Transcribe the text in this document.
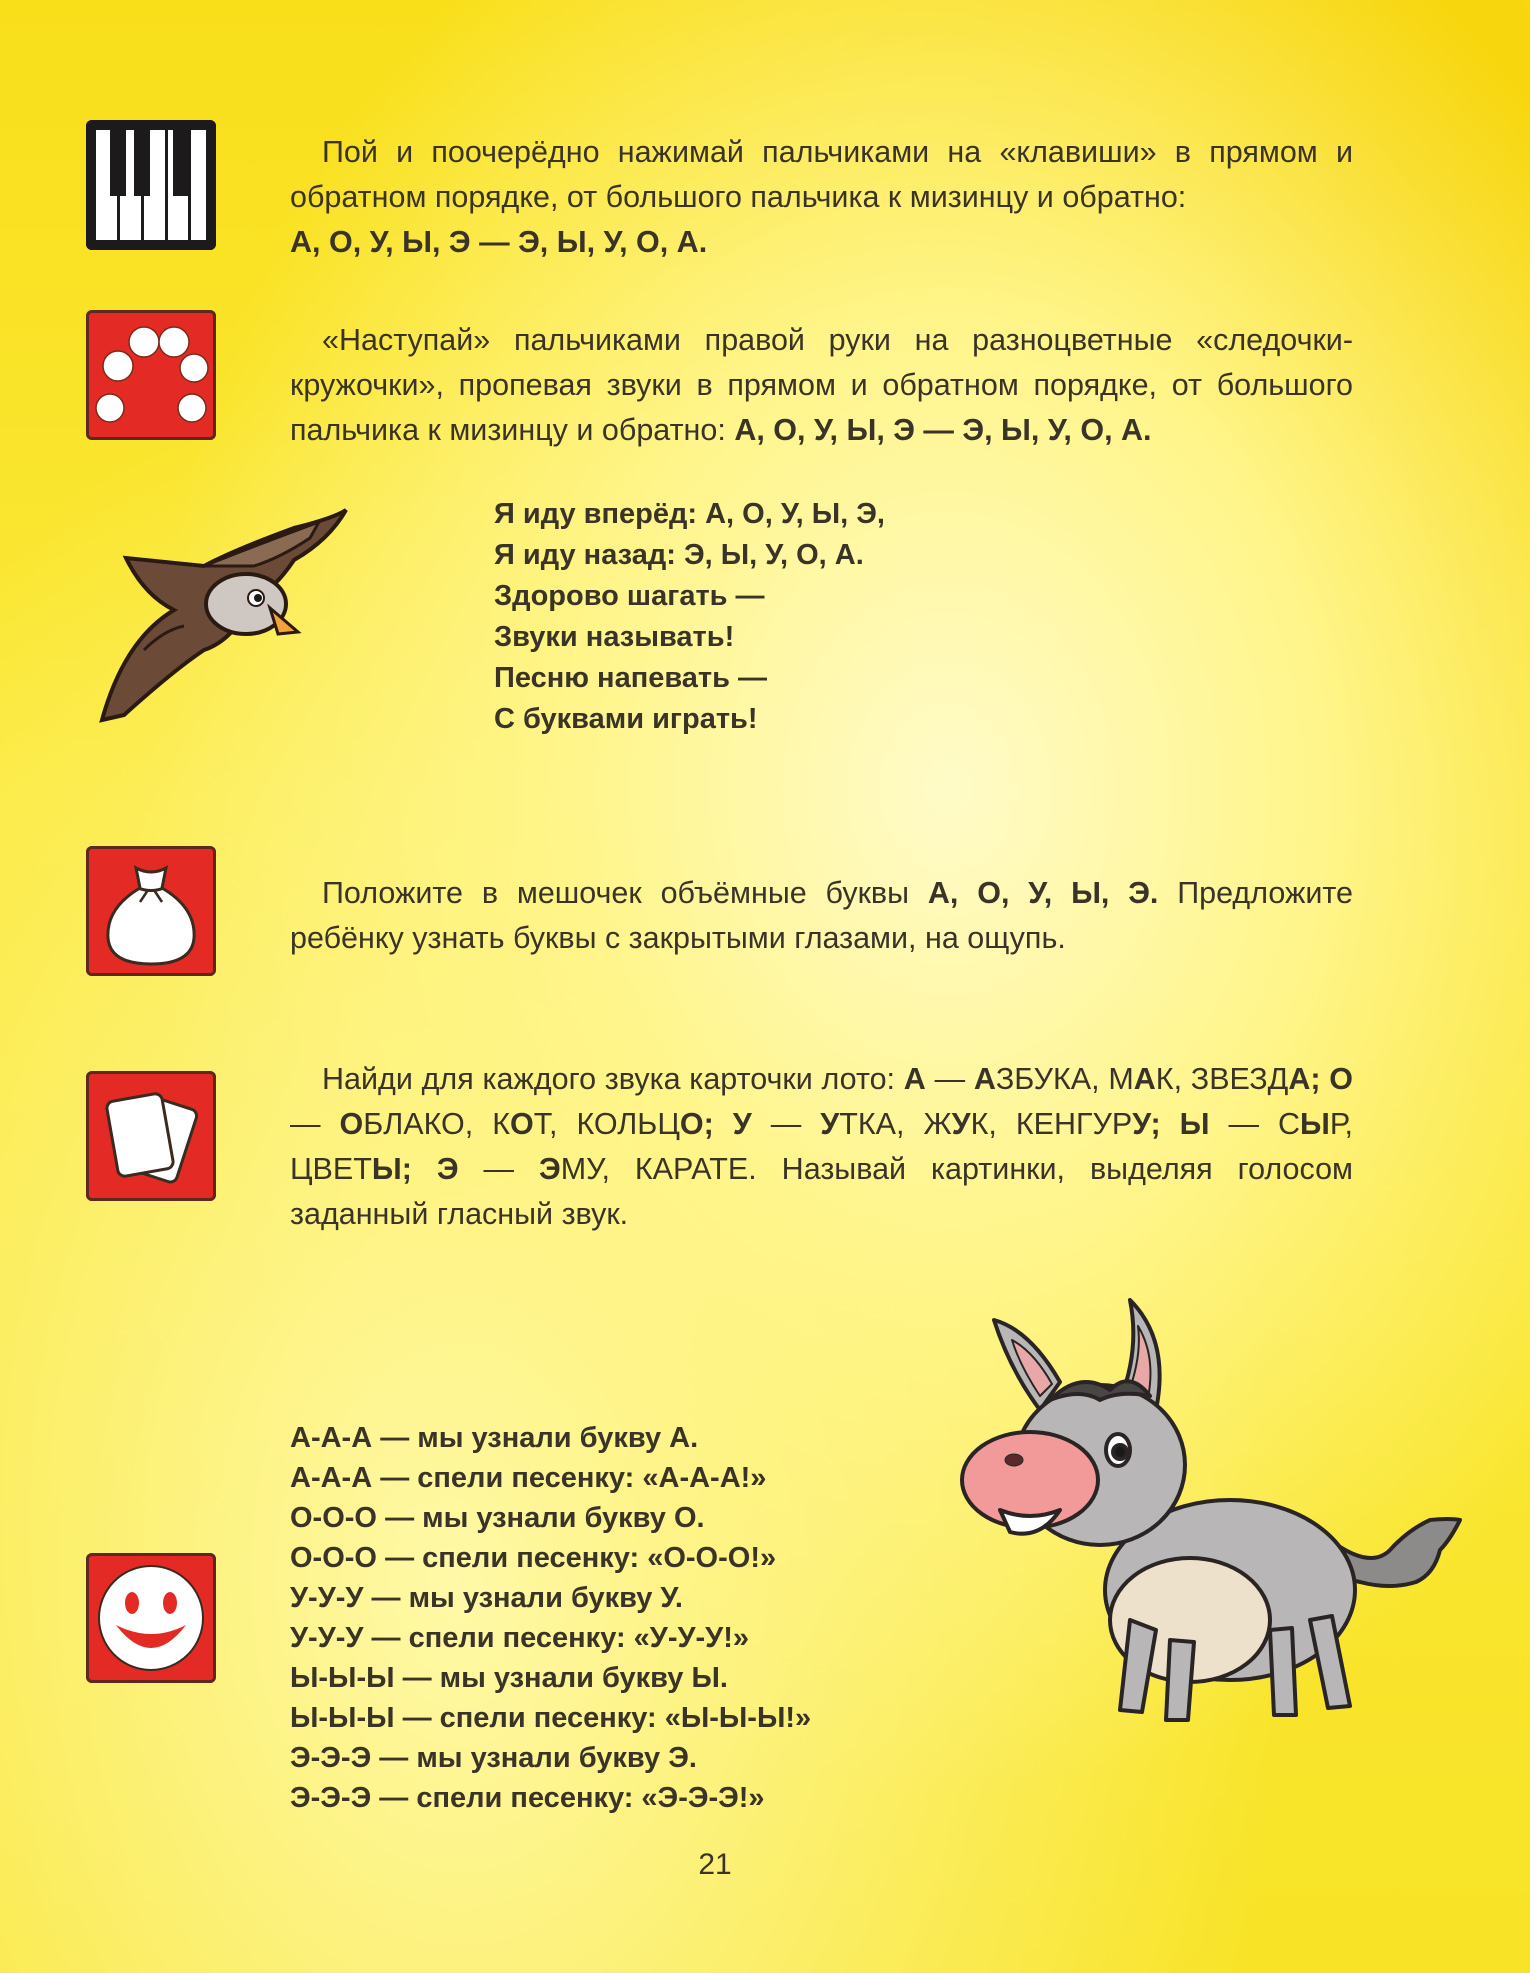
Пой и поочерёдно нажимай пальчиками на «клавиши» в прямом и обратном порядке, от большого пальчика к мизинцу и обратно:
А, О, У, Ы, Э — Э, Ы, У, О, А.

«Наступай» пальчиками правой руки на разноцветные «следочки-кружочки», пропевая звуки в прямом и обратном порядке, от большого пальчика к мизинцу и обратно: А, О, У, Ы, Э — Э, Ы, У, О, А.

Я иду вперёд: А, О, У, Ы, Э,
Я иду назад: Э, Ы, У, О, А.
Здорово шагать —
Звуки называть!
Песню напевать —
С буквами играть!

Положите в мешочек объёмные буквы А, О, У, Ы, Э. Предложите ребёнку узнать буквы с закрытыми глазами, на ощупь.

Найди для каждого звука карточки лото: А — АЗБУКА, МАК, ЗВЕЗДА; О — ОБЛАКО, КОТ, КОЛЬЦО; У — УТКА, ЖУК, КЕНГУРУ; Ы — СЫР, ЦВЕТЫ; Э — ЭМУ, КАРАТЕ. Называй картинки, выделяя голосом заданный гласный звук.

А-А-А — мы узнали букву А.
А-А-А — спели песенку: «А-А-А!»
О-О-О — мы узнали букву О.
О-О-О — спели песенку: «О-О-О!»
У-У-У — мы узнали букву У.
У-У-У — спели песенку: «У-У-У!»
Ы-Ы-Ы — мы узнали букву Ы.
Ы-Ы-Ы — спели песенку: «Ы-Ы-Ы!»
Э-Э-Э — мы узнали букву Э.
Э-Э-Э — спели песенку: «Э-Э-Э!»
21
